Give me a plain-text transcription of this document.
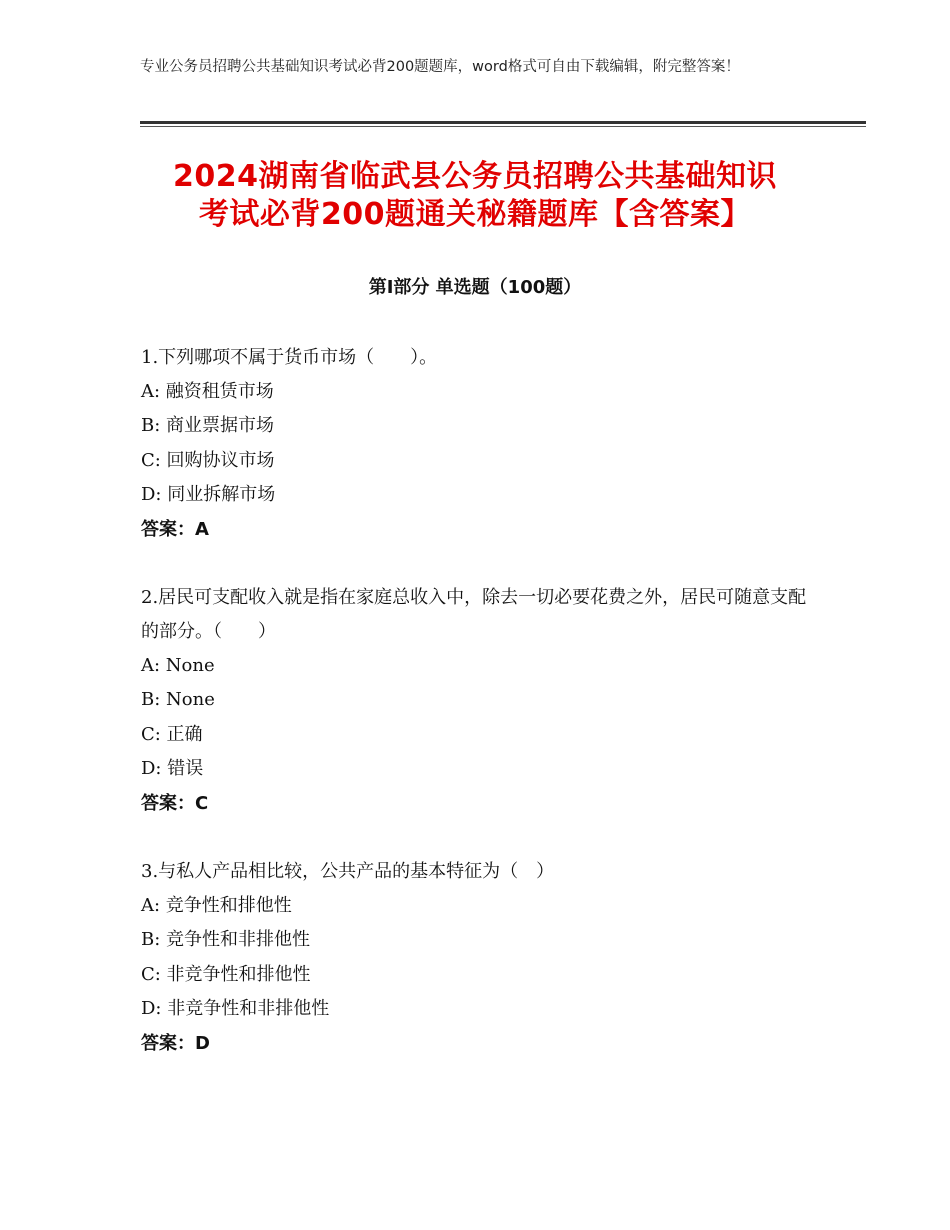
专业公务员招聘公共基础知识考试必背200题题库，word格式可自由下载编辑，附完整答案！
2024湖南省临武县公务员招聘公共基础知识
考试必背200题通关秘籍题库【含答案】
第Ⅰ部分 单选题（100题）
1.下列哪项不属于货币市场（　　）。
A: 融资租赁市场
B: 商业票据市场
C: 回购协议市场
D: 同业拆解市场
答案：A
2.居民可支配收入就是指在家庭总收入中，除去一切必要花费之外，居民可随意支配的部分。（　　）
A: None
B: None
C: 正确
D: 错误
答案：C
3.与私人产品相比较，公共产品的基本特征为（　）
A: 竞争性和排他性
B: 竞争性和非排他性
C: 非竞争性和排他性
D: 非竞争性和非排他性
答案：D
